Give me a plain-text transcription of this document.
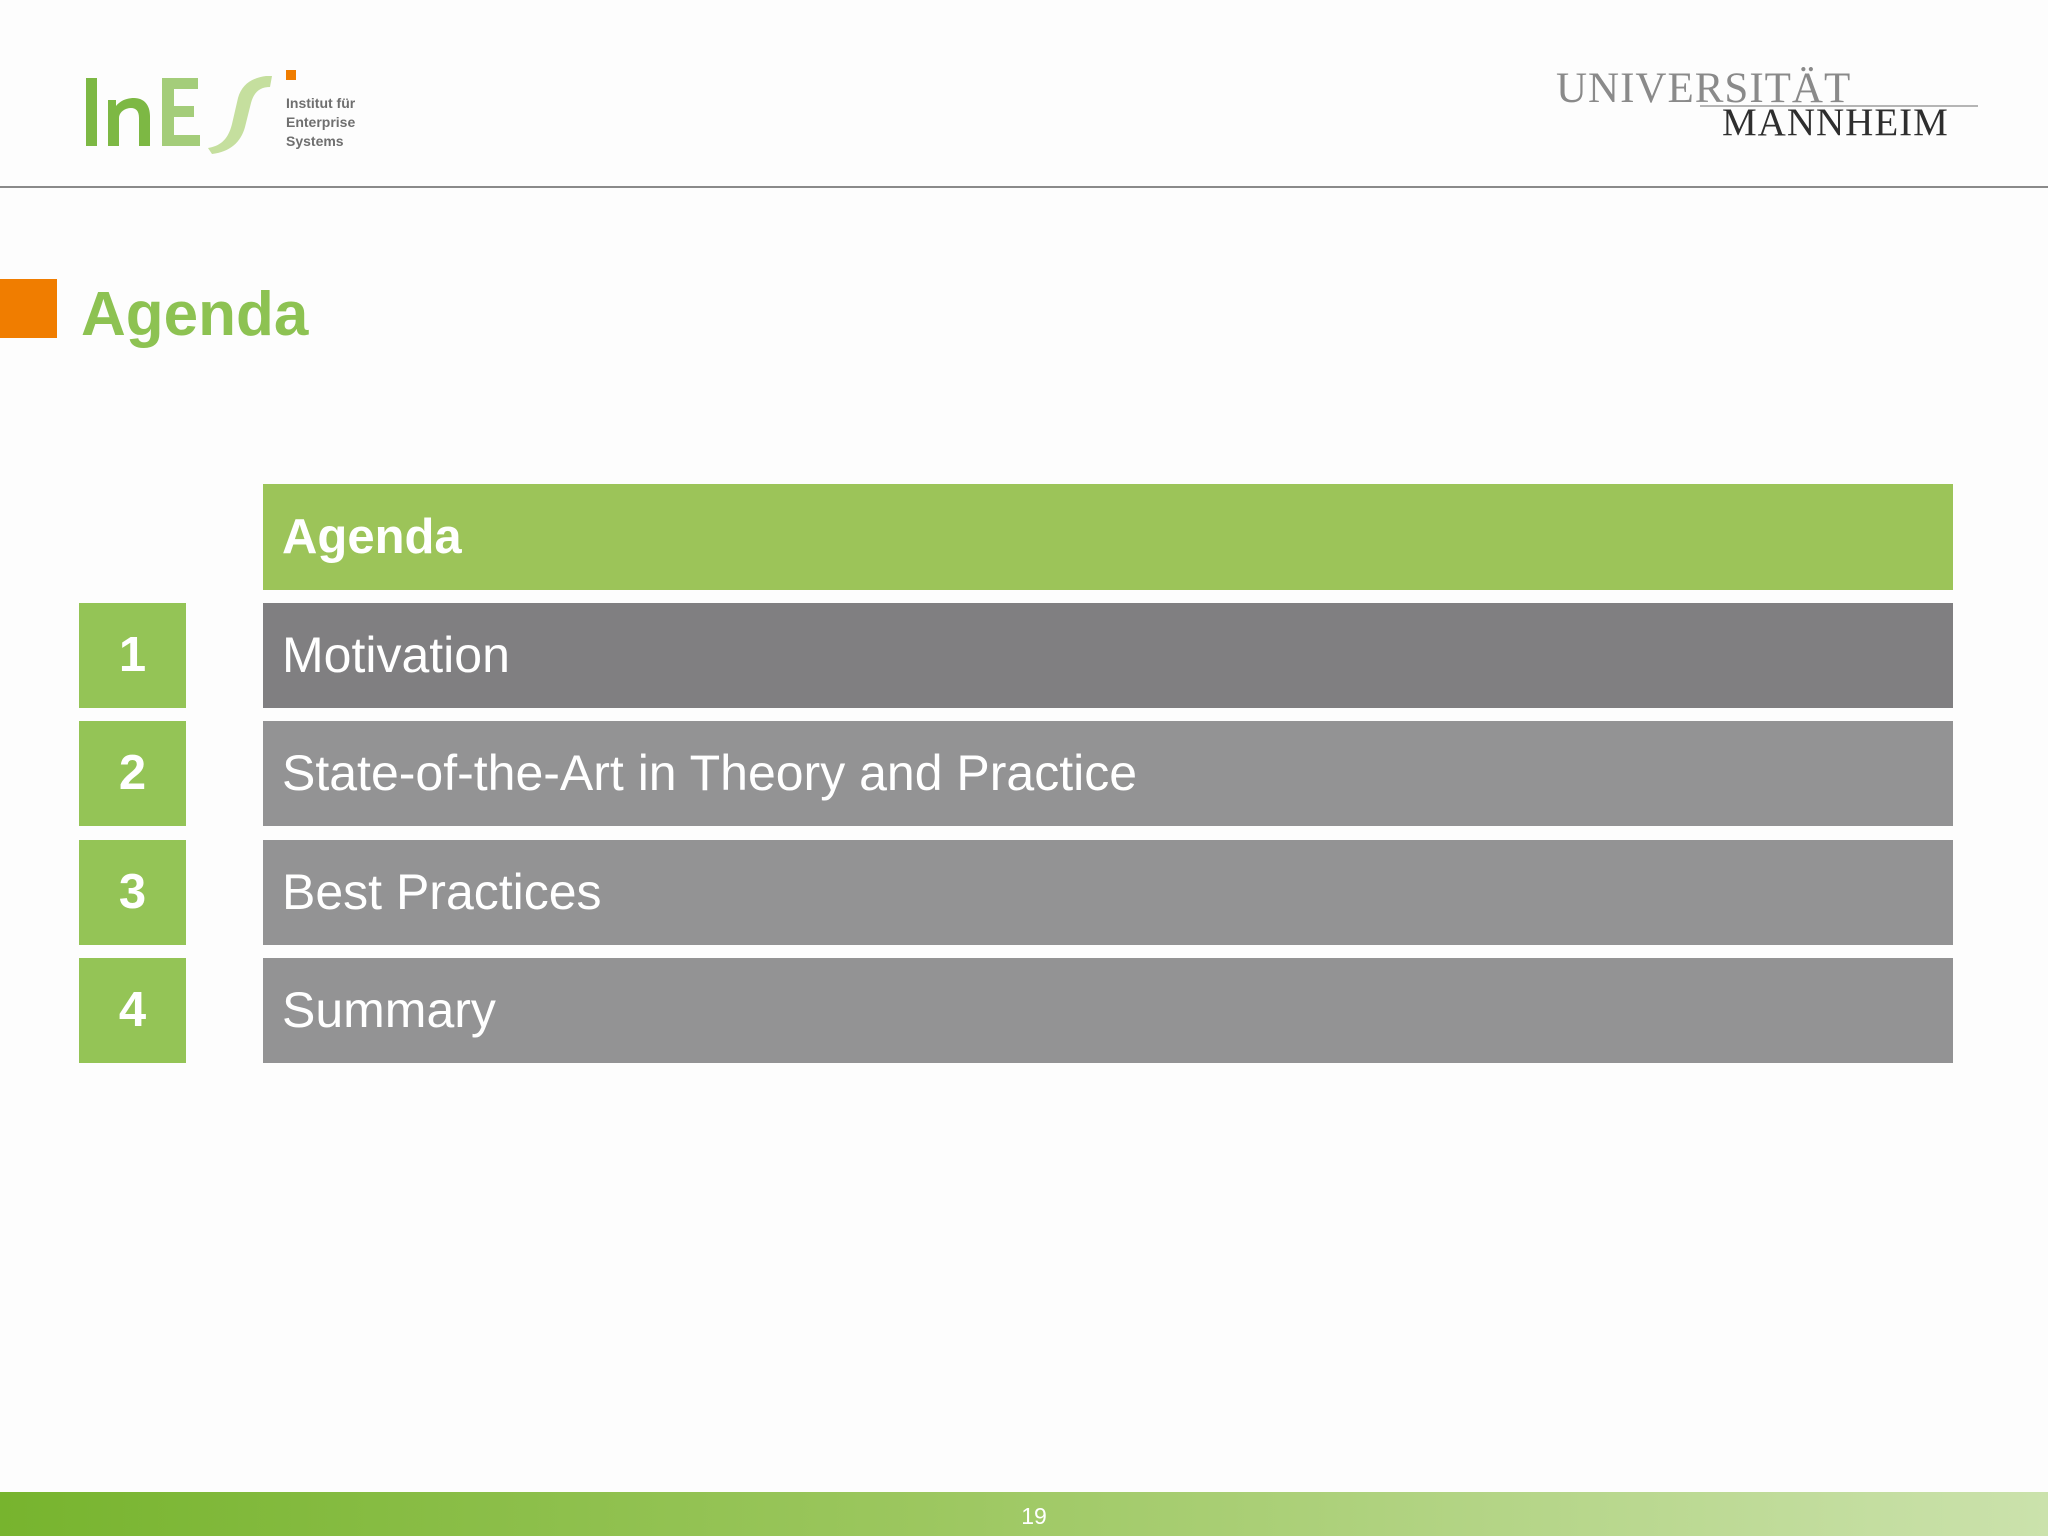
Institut für
Enterprise
Systems
UNIVERSITÄT
MANNHEIM
Agenda
Agenda
1	Motivation
2	State-of-the-Art in Theory and Practice
3	Best Practices
4	Summary
19
